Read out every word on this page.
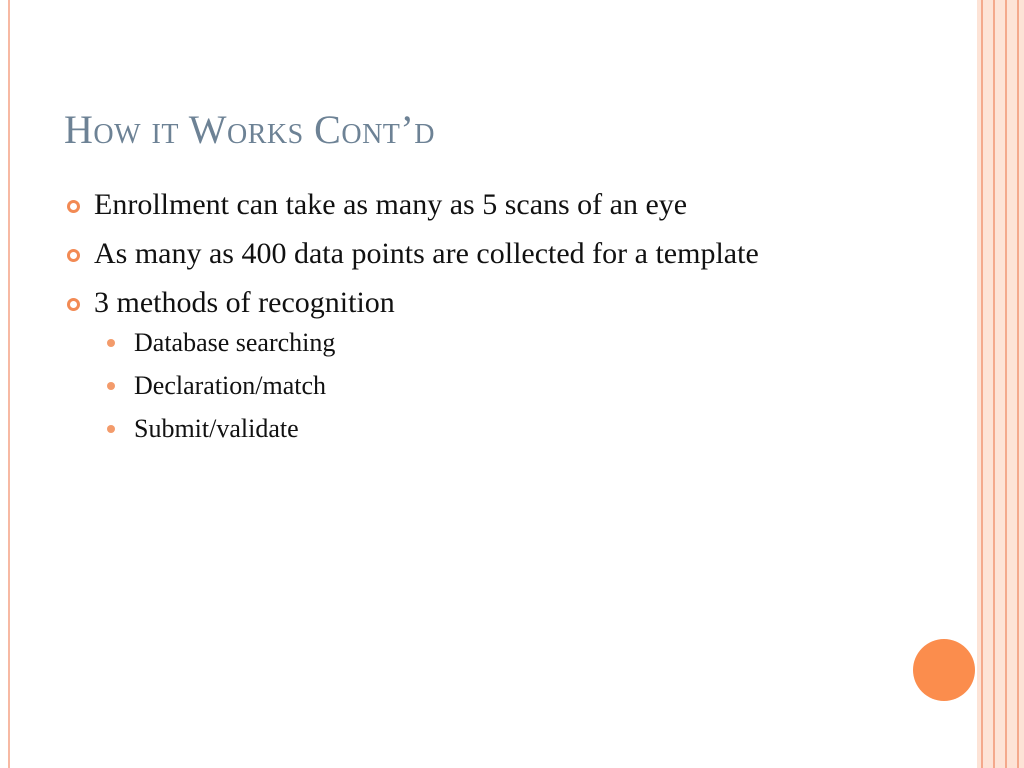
How it Works Cont’d
Enrollment can take as many as 5 scans of an eye
As many as 400 data points are collected for a template
3 methods of recognition
Database searching
Declaration/match
Submit/validate
